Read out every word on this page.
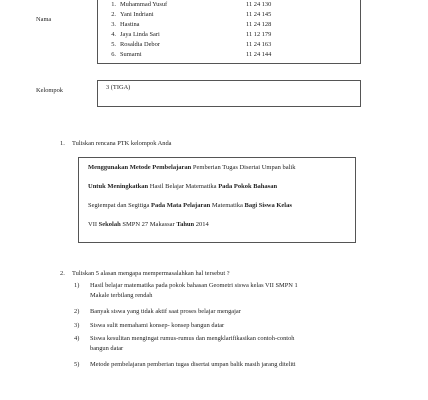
Nama
1. Muhammad Yusuf	11 24 130
2. Yani Indriani	11 24 145
3. Hastina	11 24 128
4. Jaya Linda Sari	11 12 179
5. Rosaldia Debor	11 24 163
6. Sumarni	11 24 144
Kelompok	3 (TIGA)
1. Tuliskan rencana PTK kelompok Anda
Menggunakan Metode Pembelajaran Pemberian Tugas Disertai Umpan balik
Untuk Meningkatkan Hasil Belajar Matematika Pada Pokok Bahasan
Segiempat dan Segitiga Pada Mata Pelajaran Matematika Bagi Siswa Kelas
VII Sekolah SMPN 27 Makassar Tahun 2014
2. Tuliskan 5 alasan mengapa mempermasalahkan hal tersebut ?
1)	Hasil belajar matematika pada pokok bahasan Geometri siswa kelas VII SMPN 1
Makale terbilang rendah
2)	Banyak siswa yang tidak aktif saat proses belajar mengajar
3)	Siswa sulit memahami konsep- konsep bangun datar
4)	Siswa kesulitan mengingat rumus-rumus dan mengklarifikasikan contoh-contoh
bangun datar
5)	Metode pembelajaran pemberian tugas disertai umpan balik masih jarang diteliti
